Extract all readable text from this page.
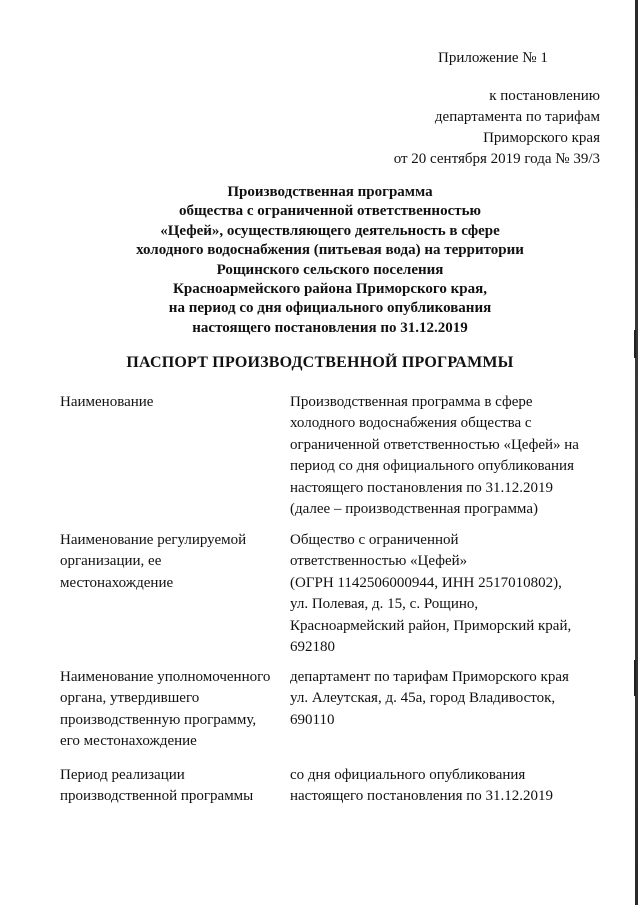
Приложение № 1
к постановлению
департамента по тарифам
Приморского края
от 20 сентября 2019 года № 39/3
Производственная программа
общества с ограниченной ответственностью
«Цефей», осуществляющего деятельность в сфере
холодного водоснабжения (питьевая вода) на территории
Рощинского сельского поселения
Красноармейского района Приморского края,
на период со дня официального опубликования
настоящего постановления по 31.12.2019
ПАСПОРТ ПРОИЗВОДСТВЕННОЙ ПРОГРАММЫ
Наименование	Производственная программа в сфере
холодного водоснабжения общества с
ограниченной ответственностью «Цефей» на
период со дня официального опубликования
настоящего постановления по 31.12.2019
(далее – производственная программа)
Наименование регулируемой
организации, ее
местонахождение
Общество с ограниченной
ответственностью «Цефей»
(ОГРН 1142506000944, ИНН 2517010802),
ул. Полевая, д. 15, с. Рощино,
Красноармейский район, Приморский край,
692180
Наименование уполномоченного
органа, утвердившего
производственную программу,
его местонахождение
департамент по тарифам Приморского края
ул. Алеутская, д. 45а, город Владивосток,
690110
Период реализации
производственной программы
со дня официального опубликования
настоящего постановления по 31.12.2019
